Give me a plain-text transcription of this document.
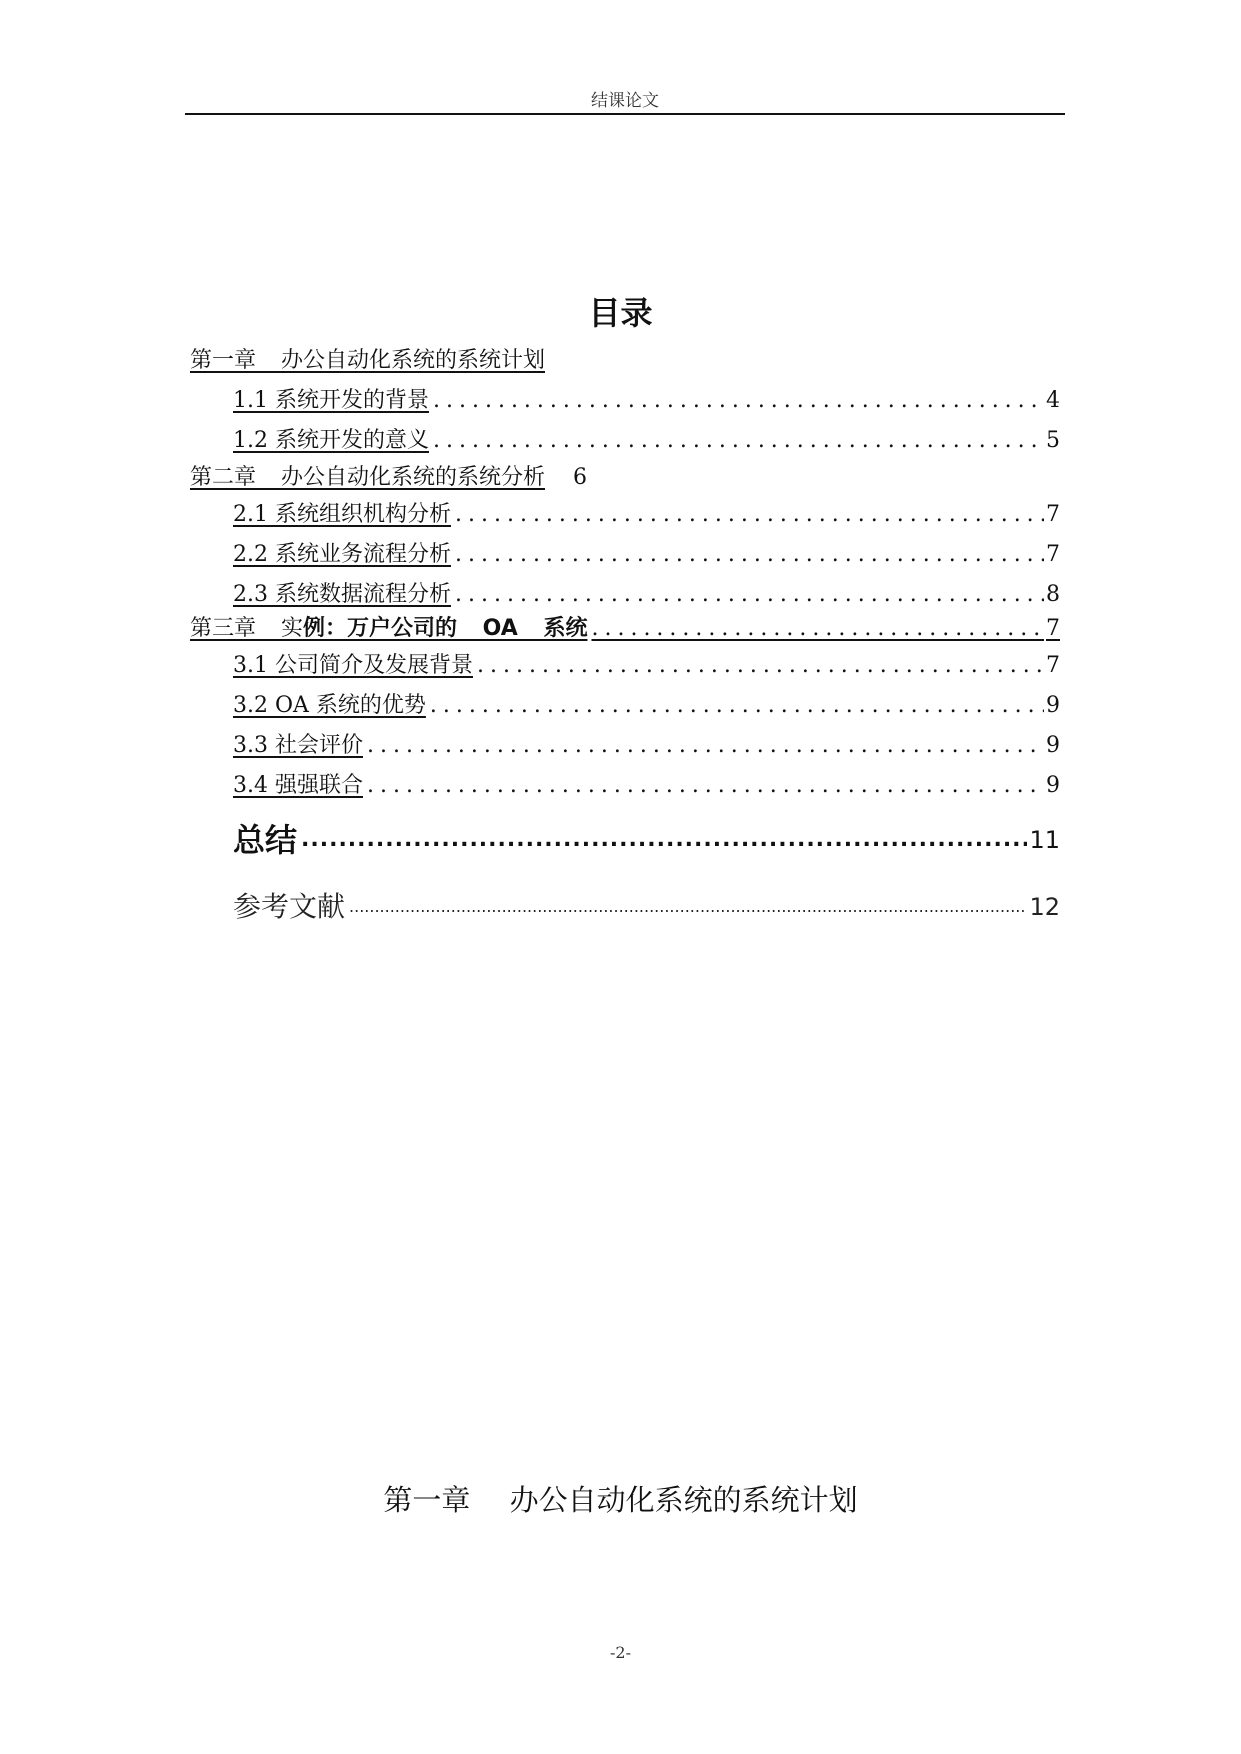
结课论文
目录
第一章 办公自动化系统的系统计划
1.1 系统开发的背景 .....	4
1.2 系统开发的意义 .....	5
第二章 办公自动化系统的系统分析 6
2.1 系统组织机构分析 .....	7
2.2 系统业务流程分析 .....	7
2.3 系统数据流程分析 .....	8
第三章 实例：万户公司的 OA 系统 .....	7
3.1 公司简介及发展背景 .....	7
3.2 OA 系统的优势 .....	9
3.3 社会评价 .....	9
3.4 强强联合 .....	9
总结 .....	11
参考文献 .....	12
第一章 办公自动化系统的系统计划
-2-
